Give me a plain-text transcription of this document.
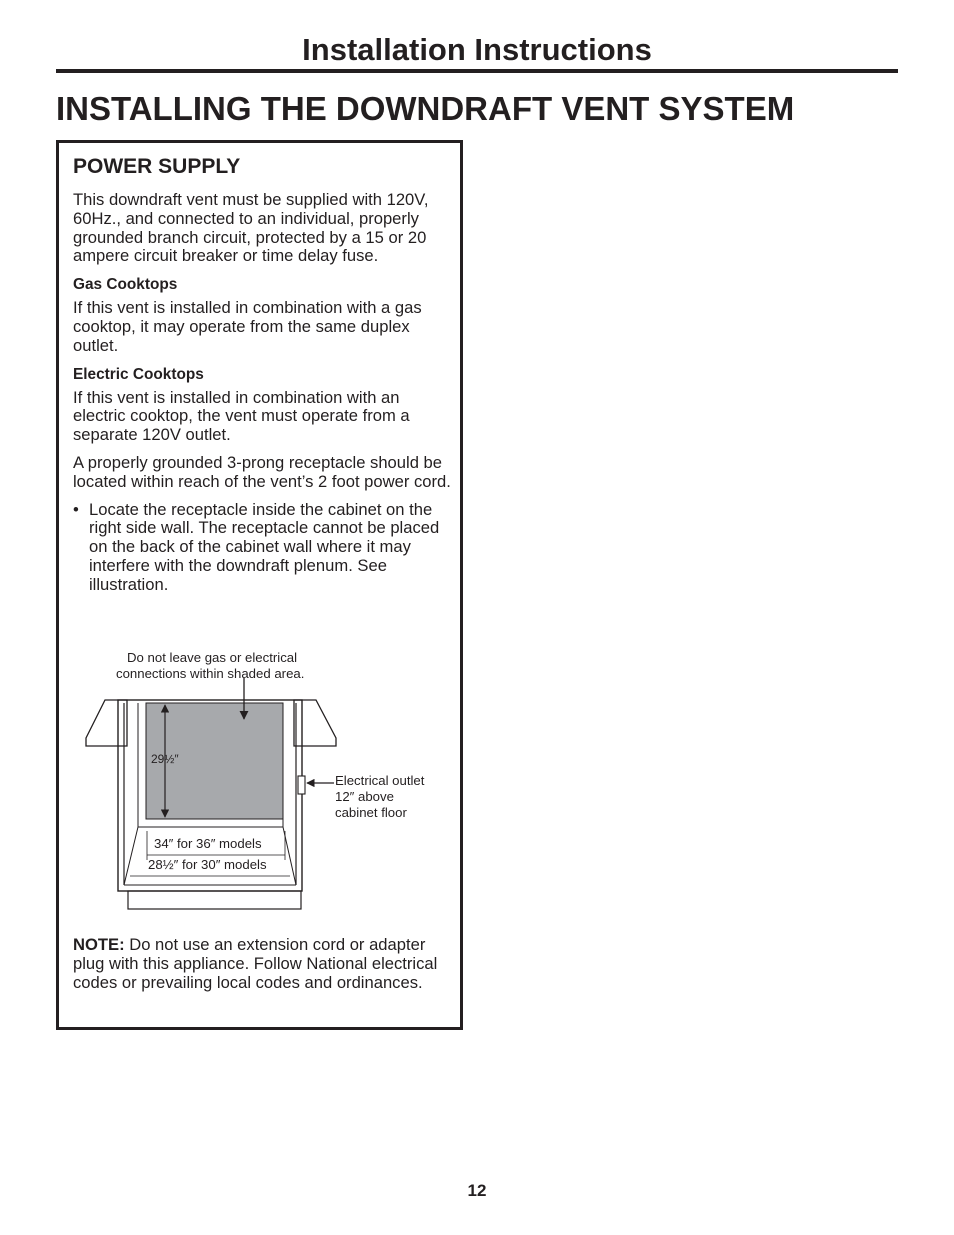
Installation Instructions
INSTALLING THE DOWNDRAFT VENT SYSTEM
POWER SUPPLY

This downdraft vent must be supplied with 120V, 60Hz., and connected to an individual, properly grounded branch circuit, protected by a 15 or 20 ampere circuit breaker or time delay fuse.

Gas Cooktops

If this vent is installed in combination with a gas cooktop, it may operate from the same duplex outlet.

Electric Cooktops

If this vent is installed in combination with an electric cooktop, the vent must operate from a separate 120V outlet.

A properly grounded 3-prong receptacle should be located within reach of the vent’s 2 foot power cord.

• Locate the receptacle inside the cabinet on the right side wall. The receptacle cannot be placed on the back of the cabinet wall where it may interfere with the downdraft plenum. See illustration.
Do not leave gas or electrical
connections within shaded area.
29½″
Electrical outlet
12″ above
cabinet floor
34″ for 36″ models
28½″ for 30″ models
NOTE: Do not use an extension cord or adapter plug with this appliance. Follow National electrical codes or prevailing local codes and ordinances.
12
